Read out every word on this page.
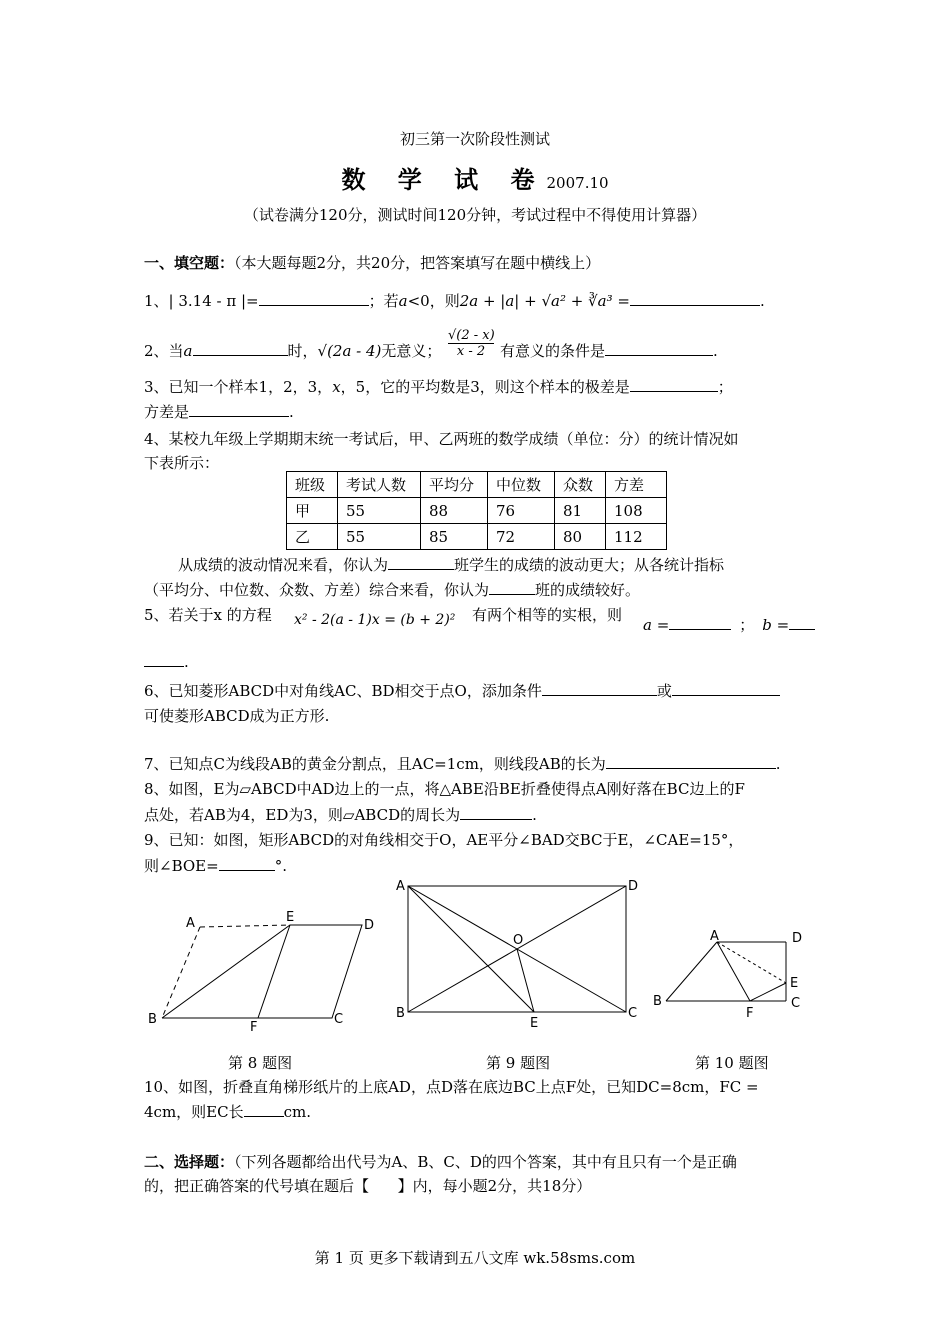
初三第一次阶段性测试
数 学 试 卷2007.10
（试卷满分120分，测试时间120分钟，考试过程中不得使用计算器）
一、填空题：（本大题每题2分，共20分，把答案填写在题中横线上）
1、| 3.14 - π |=	；若a<0，则2a + |a| + √a² + ∛a³ =	.
2、当a	时，√(2a - 4)无意义； $\frac{√(2 - x)}{x - 2}$ 有意义的条件是	.
3、已知一个样本1，2，3，x，5，它的平均数是3，则这个样本的极差是	；
方差是	.
4、某校九年级上学期期末统一考试后，甲、乙两班的数学成绩（单位：分）的统计情况如
下表所示：
班级	考试人数	平均分	中位数	众数	方差
甲	55	88	76	81	108
乙	55	85	72	80	112
从成绩的波动情况来看，你认为	班学生的成绩的波动更大；从各统计指标
（平均分、中位数、众数、方差）综合来看，你认为	班的成绩较好。
5、若关于x 的方程 x² - 2(a - 1)x = (b + 2)² 有两个相等的实根，则
a =	； b =
.
6、已知菱形ABCD中对角线AC、BD相交于点O，添加条件	或
可使菱形ABCD成为正方形.
7、已知点C为线段AB的黄金分割点，且AC=1cm，则线段AB的长为	.
8、如图，E为▱ABCD中AD边上的一点，将△ABE沿BE折叠使得点A刚好落在BC边上的F
点处，若AB为4，ED为3，则▱ABCD的周长为	.
9、已知：如图，矩形ABCD的对角线相交于O，AE平分∠BAD交BC于E，∠CAE=15°，
则∠BOE=	°.
A	E
D
B
F
C
第 8 题图
A	D
O
B	C
E
第 9 题图
A	D
E
B
F
C
第 10 题图
10、如图，折叠直角梯形纸片的上底AD，点D落在底边BC上点F处，已知DC=8cm，FC =
4cm，则EC长	cm.
二、选择题：（下列各题都给出代号为A、B、C、D的四个答案，其中有且只有一个是正确
的，把正确答案的代号填在题后【      】内，每小题2分，共18分）
第 1 页 更多下载请到五八文库 wk.58sms.com
